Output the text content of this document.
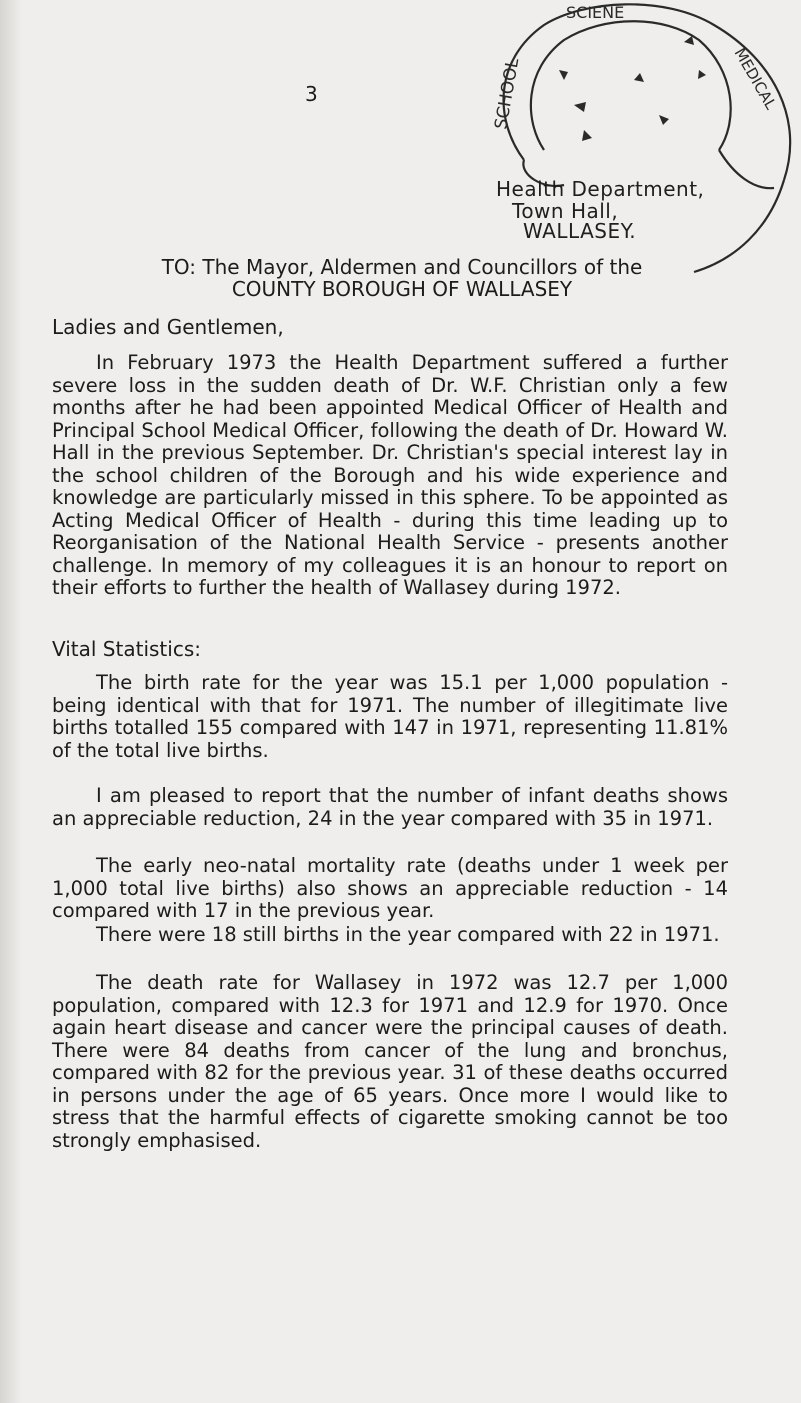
3	SCHOOL	MEDICAL
SCIENE
Health Department,
Town Hall,
WALLASEY.
TO: The Mayor, Aldermen and Councillors of the
COUNTY BOROUGH OF WALLASEY
Ladies and Gentlemen,
In February 1973 the Health Department suffered a further severe loss in the sudden death of Dr. W.F. Christian only a few months after he had been appointed Medical Officer of Health and Principal School Medical Officer, following the death of Dr. Howard W. Hall in the previous September. Dr. Christian's special interest lay in the school children of the Borough and his wide experience and knowledge are particularly missed in this sphere. To be appointed as Acting Medical Officer of Health - during this time leading up to Reorganisation of the National Health Service - presents another challenge. In memory of my colleagues it is an honour to report on their efforts to further the health of Wallasey during 1972.
Vital Statistics:
The birth rate for the year was 15.1 per 1,000 population - being identical with that for 1971. The number of illegitimate live births totalled 155 compared with 147 in 1971, representing 11.81% of the total live births.
I am pleased to report that the number of infant deaths shows an appreciable reduction, 24 in the year compared with 35 in 1971.
The early neo-natal mortality rate (deaths under 1 week per 1,000 total live births) also shows an appreciable reduction - 14 compared with 17 in the previous year.
There were 18 still births in the year compared with 22 in 1971.
The death rate for Wallasey in 1972 was 12.7 per 1,000 population, compared with 12.3 for 1971 and 12.9 for 1970. Once again heart disease and cancer were the principal causes of death. There were 84 deaths from cancer of the lung and bronchus, compared with 82 for the previous year. 31 of these deaths occurred in persons under the age of 65 years. Once more I would like to stress that the harmful effects of cigarette smoking cannot be too strongly emphasised.
